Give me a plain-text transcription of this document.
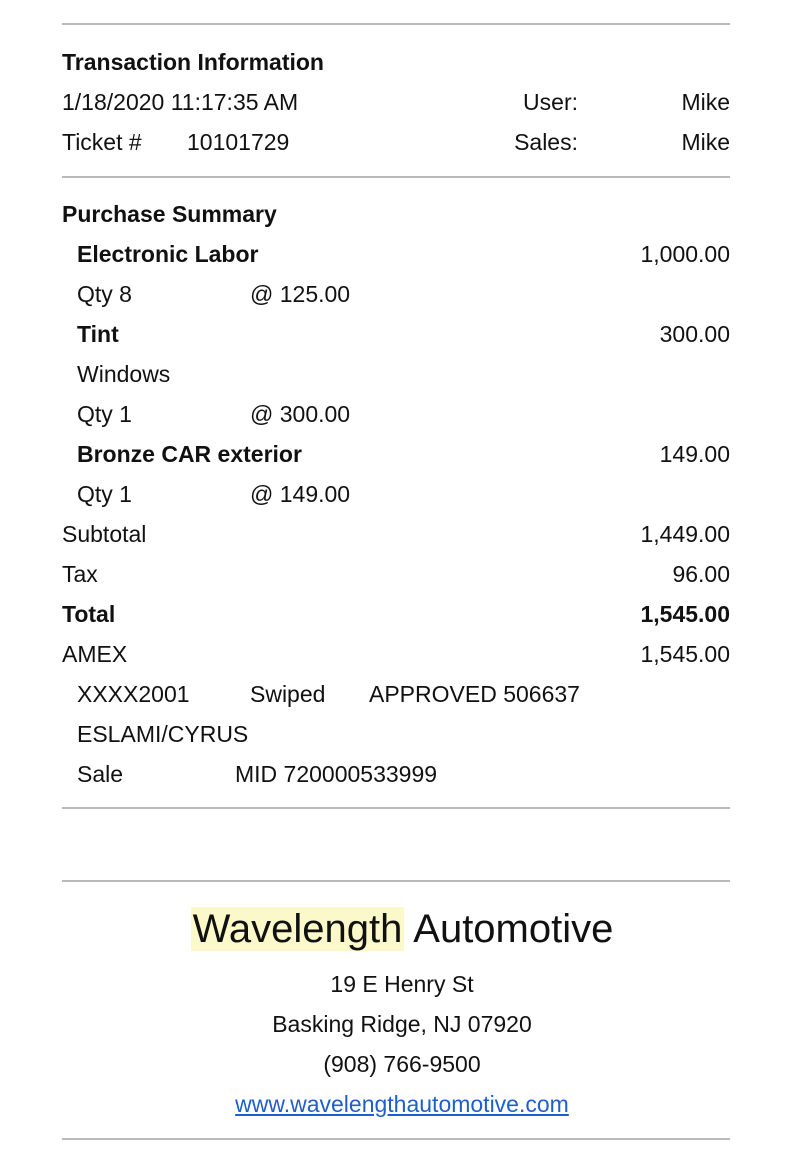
Transaction Information
1/18/2020 11:17:35 AM	User:	Mike
Ticket # 10101729	Sales:	Mike
Purchase Summary
Electronic Labor	1,000.00
Qty 8	@ 125.00
Tint	300.00
Windows
Qty 1	@ 300.00
Bronze CAR exterior	149.00
Qty 1	@ 149.00
Subtotal	1,449.00
Tax	96.00
Total	1,545.00
AMEX	1,545.00
XXXX2001	Swiped APPROVED 506637
ESLAMI/CYRUS
Sale	MID 720000533999
Wavelength Automotive
19 E Henry St
Basking Ridge, NJ 07920
(908) 766-9500
www.wavelengthautomotive.com
